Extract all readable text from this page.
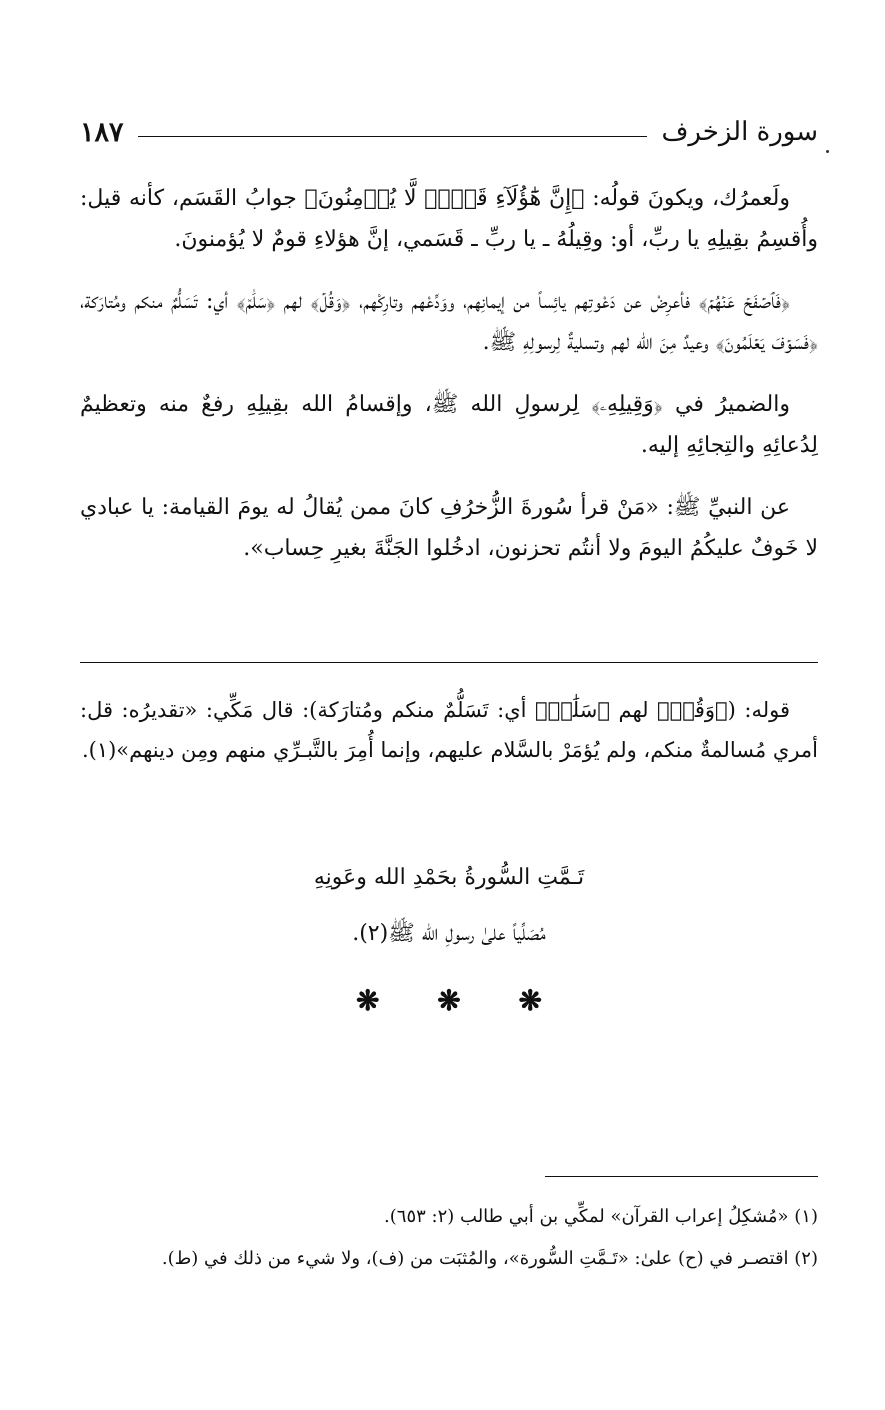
سورة الزخرف
١٨٧

ولَعمرُك، ويكونَ قولُه: ﴿إِنَّ هَٰٓؤُلَآءِ قَوۡمٞ لَّا يُؤۡمِنُونَ﴾ جوابُ القَسَم، كأنه قيل: وأُقسِمُ بقِيلِهِ يا ربِّ، أو: وقِيلُهُ ـ يا ربِّ ـ قَسَمي، إنَّ هؤلاءِ قومٌ لا يُؤمنونَ.

﴿فَٱصۡفَحۡ عَنۡهُمۡ﴾ فأعرِضْ عن دَعْوتِهم يائِساً من إيمانِهم، ووَدِّعْهم وتارِكْهم، ﴿وَقُلۡ﴾ لهم ﴿سَلَٰمٞ﴾ أي: تَسَلُّمٌ منكم ومُتارَكة، ﴿فَسَوۡفَ يَعۡلَمُونَ﴾ وعيدٌ مِنَ الله لهم وتسليةٌ لِرسولِهِ ﷺ.

والضميرُ في ﴿وَقِيلِهِۦ﴾ لِرسولِ الله ﷺ، وإقسامُ الله بقِيلِهِ رفعٌ منه وتعظيمٌ لِدُعائِهِ والتِجائِهِ إليه.

عن النبيِّ ﷺ: «مَنْ قرأ سُورةَ الزُّخرُفِ كانَ ممن يُقالُ له يومَ القيامة: يا عبادي لا خَوفٌ عليكُمُ اليومَ ولا أنتُم تحزنون، ادخُلوا الجَنَّةَ بغيرِ حِساب».

قوله: (﴿وَقُلۡ﴾ لهم ﴿سَلَٰمٞ﴾ أي: تَسَلُّمٌ منكم ومُتارَكة): قال مَكِّي: «تقديرُه: قل: أمري مُسالمةٌ منكم، ولم يُؤمَرْ بالسَّلام عليهم، وإنما أُمِرَ بالتَّبـرِّي منهم ومِن دينهم»(١).

تَـمَّتِ السُّورةُ بحَمْدِ الله وعَونِهِ
مُصَلِّياً علىٰ رسولِ الله ﷺ(٢).
❋ ❋ ❋

(١) «مُشكِلُ إعراب القرآن» لمكِّي بن أبي طالب (٢: ٦٥٣).

(٢) اقتصـر في (ح) علىٰ: «تَـمَّتِ السُّورة»، والمُثبَت من (ف)، ولا شيء من ذلك في (ط).
